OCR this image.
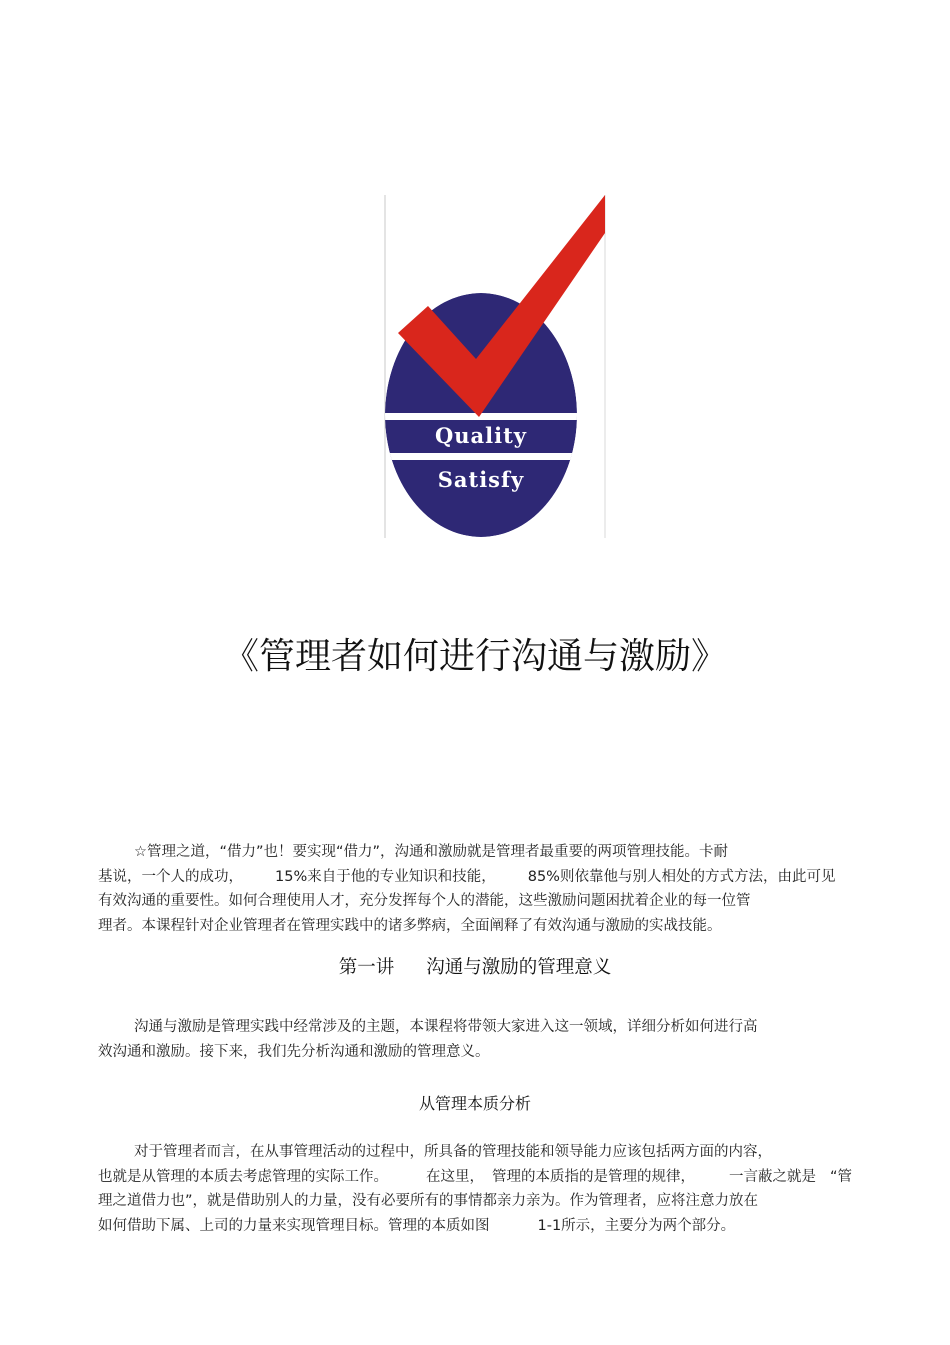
Quality
Satisfy
《管理者如何进行沟通与激励》
☆管理之道，“借力”也！要实现“借力”，沟通和激励就是管理者最重要的两项管理技能。卡耐
基说，一个人的成功， 15%来自于他的专业知识和技能， 85%则依靠他与别人相处的方式方法，由此可见
有效沟通的重要性。如何合理使用人才，充分发挥每个人的潜能，这些激励问题困扰着企业的每一位管
理者。本课程针对企业管理者在管理实践中的诸多弊病，全面阐释了有效沟通与激励的实战技能。
第一讲 沟通与激励的管理意义
沟通与激励是管理实践中经常涉及的主题，本课程将带领大家进入这一领域，详细分析如何进行高
效沟通和激励。接下来，我们先分析沟通和激励的管理意义。
从管理本质分析
对于管理者而言，在从事管理活动的过程中，所具备的管理技能和领导能力应该包括两方面的内容，
也就是从管理的本质去考虑管理的实际工作。	在这里， 管理的本质指的是管理的规律， 一言蔽之就是 “管
理之道借力也”，就是借助别人的力量，没有必要所有的事情都亲力亲为。作为管理者，应将注意力放在
如何借助下属、上司的力量来实现管理目标。管理的本质如图	1-1所示，主要分为两个部分。
